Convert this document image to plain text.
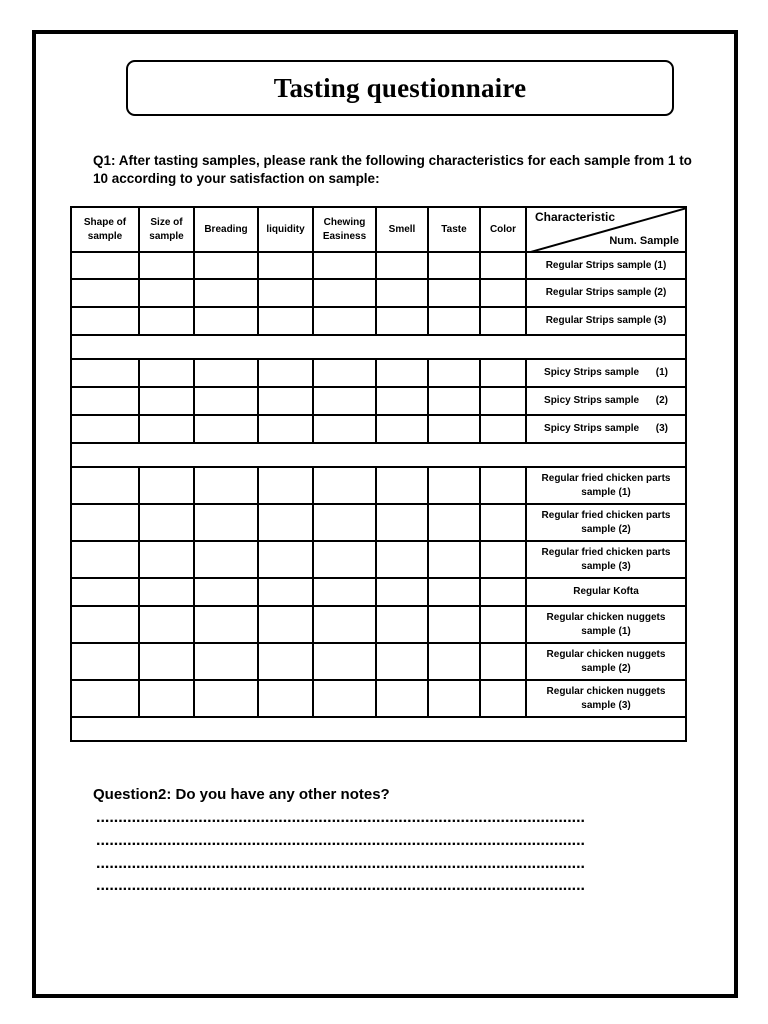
Tasting questionnaire

Q1: After tasting samples, please rank the following characteristics for each sample from 1 to 10 according to your satisfaction on sample:

Shape of sample	Size of sample	Breading	liquidity	Chewing Easiness	Smell	Taste	Color	Characteristic
Num. Sample

								Regular Strips sample (1)
								Regular Strips sample (2)
								Regular Strips sample (3)

								Spicy Strips sample      (1)
								Spicy Strips sample      (2)
								Spicy Strips sample      (3)

								Regular fried chicken parts sample (1)
								Regular fried chicken parts sample (2)
								Regular fried chicken parts sample (3)
								Regular Kofta
								Regular chicken nuggets sample (1)
								Regular chicken nuggets sample (2)
								Regular chicken nuggets sample (3)

Question2: Do you have any other notes?

..............................................................................................................
..............................................................................................................
..............................................................................................................
..............................................................................................................
